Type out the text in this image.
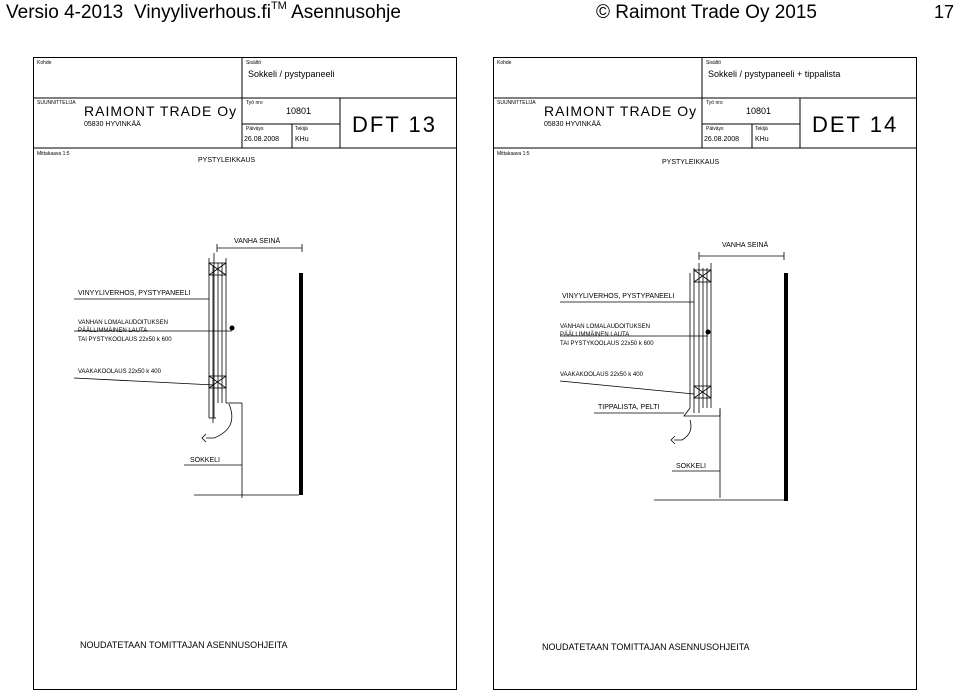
Versio 4-2013 Vinyyliverhous.fi™ Asennusohje	© Raimont Trade Oy 2015	17
Kohde	Sisältö
Sokkeli / pystypaneeli
SUUNNITTELIJA RAIMONT TRADE Oy
05830 HYVINKÄÄ
Työ nro
10801
Päiväys
26.08.2008
Tekijä
KHu
DFT 13
Mittakaava 1:5
PYSTYLEIKKAUS
VANHA SEINÄ
VINYYLIVERHOS, PYSTYPANEELI
VANHAN LOMALAUDOITUKSEN
PÄÄLLIMMÄINEN LAUTA
TAI PYSTYKOOLAUS 22x50 k 600
VAAKAKOOLAUS 22x50 k 400
SOKKELI
NOUDATETAAN TOMITTAJAN ASENNUSOHJEITA
Kohde	Sisältö
Sokkeli / pystypaneeli + tippalista
SUUNNITTELIJA RAIMONT TRADE Oy
05830 HYVINKÄÄ
Työ nro
10801
Päiväys
26.08.2008
Tekijä
KHu
DET 14
Mittakaava 1:5
PYSTYLEIKKAUS
VANHA SEINÄ
VINYYLIVERHOS, PYSTYPANEELI
VANHAN LOMALAUDOITUKSEN
PÄÄLLIMMÄINEN LAUTA
TAI PYSTYKOOLAUS 22x50 k 600
VAAKAKOOLAUS 22x50 k 400
TIPPALISTA, PELTI
SOKKELI
NOUDATETAAN TOMITTAJAN ASENNUSOHJEITA
